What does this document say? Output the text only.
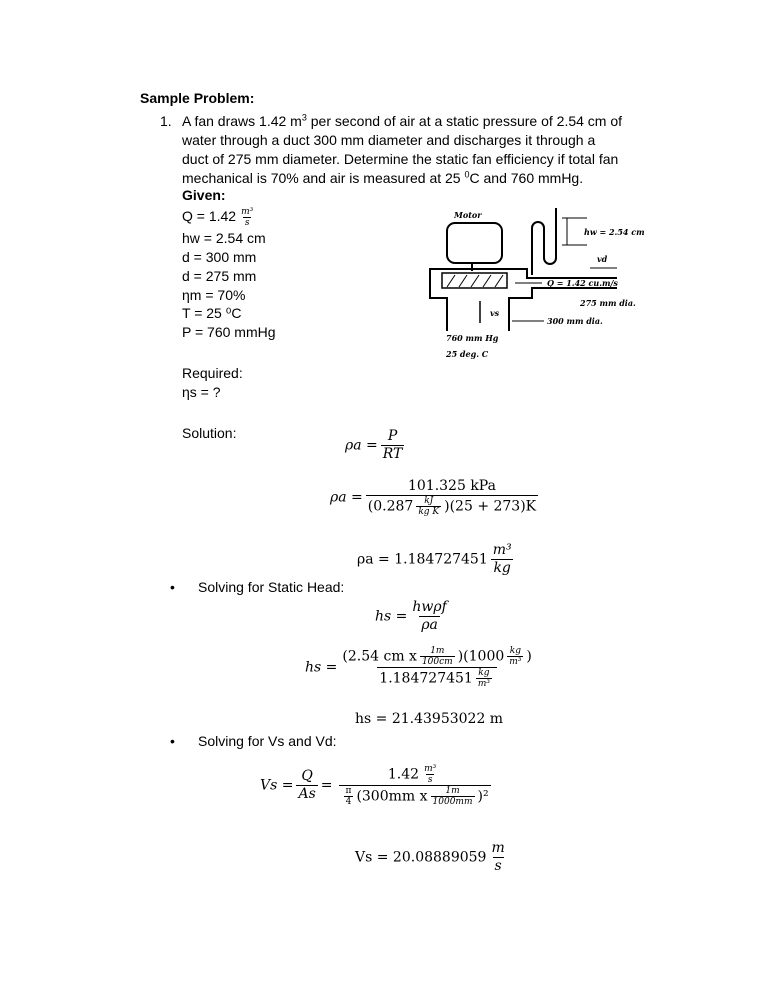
Sample Problem:
1. A fan draws 1.42 $m^3$ per second of air at a static pressure of 2.54 cm of
water through a duct 300 mm diameter and discharges it through a
duct of 275 mm diameter. Determine the static fan efficiency if total fan
mechanical is 70% and air is measured at 25 $^0$C and 760 mmHg.
Given:
$Q = 1.42 \frac{\text{m³}}{s}$
hw = 2.54 cm
d = 300 mm
d = 275 mm
ηm = 70%
T = 25 ⁰C
P = 760 mmHg
Required:
ηs = ?
Solution:
Motor
hw = 2.54 cm
vd
Q = 1.42 cu.m/s
275 mm dia.
300 mm dia.
vs
760 mm Hg
25 deg. C
$\rho a = \frac{P}{RT}$
$\rho a = \frac{\text{101.325 kPa}}{(0.287 \frac{kJ}{\text{kg K}} )(25 + 273)K}$
$\rho a = 1.184727451 \frac{\text{m³}}{kg}$
• Solving for Static Head:
hs = $\frac{\text{hwρf}}{\rho a}$
hs = $\frac{(2.54 cm x \frac{1m}{100cm} )(1000 \frac{kg}{\text{m³}} )}{1.184727451 \frac{kg}{\text{m³}}}$
hs = 21.43953022 m
• Solving for Vs and Vd:
$Vs = \frac{Q}{As} = \frac{1.42 \frac{\text{m³}}{s}}{\frac{\pi}{4} (300mm x \frac{1m}{1000mm} )^2}$
$Vs = 20.08889059 \frac{m}{s}$
